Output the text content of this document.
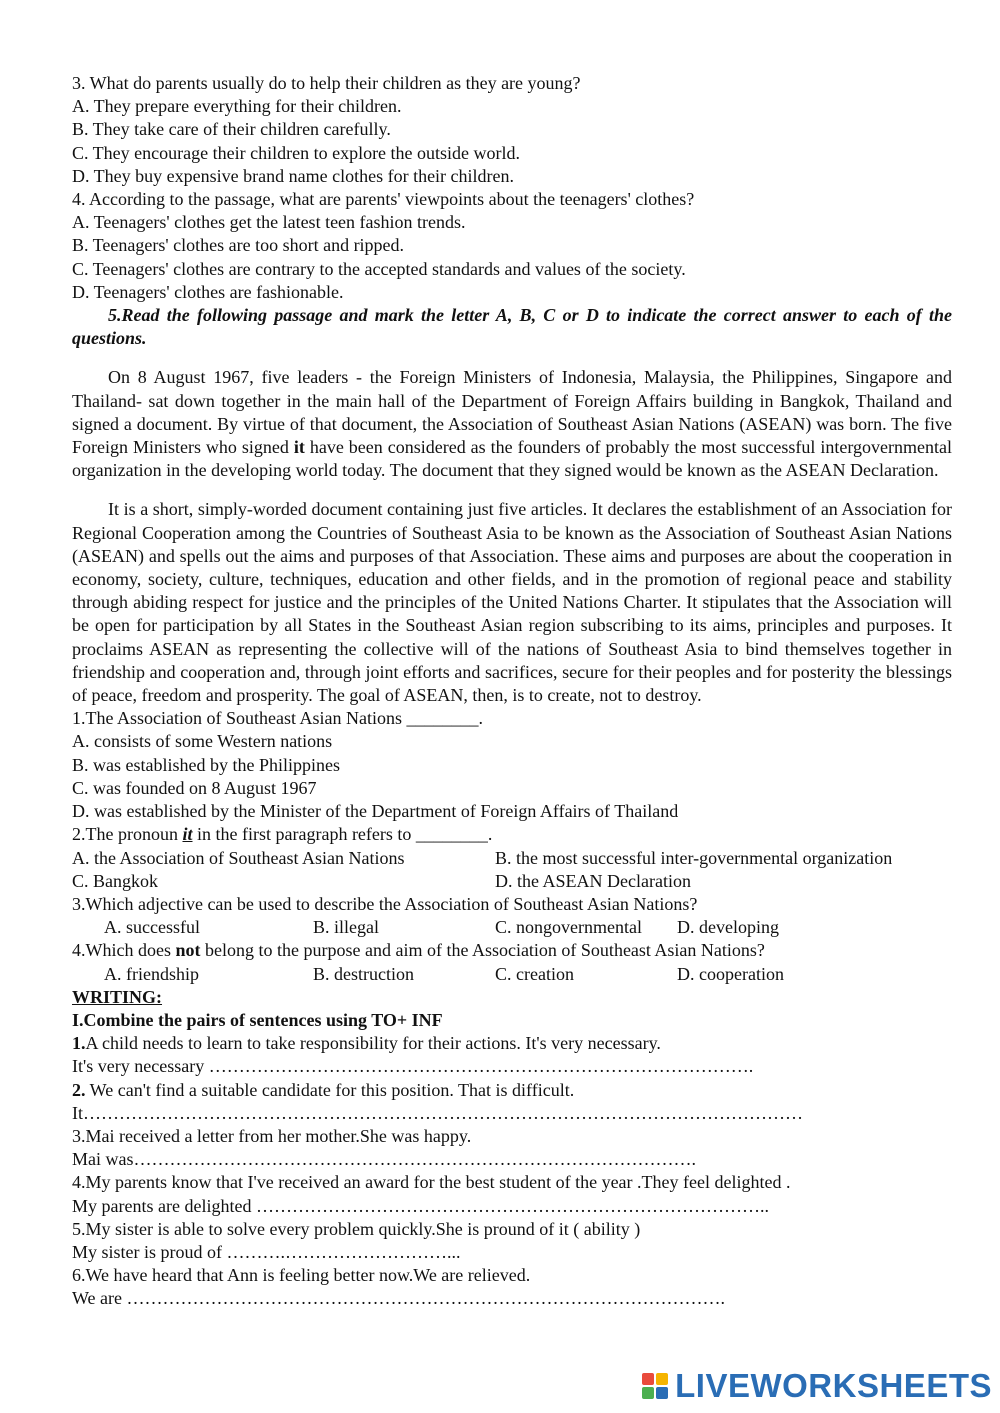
3. What do parents usually do to help their children as they are young?
A. They prepare everything for their children.
B. They take care of their children carefully.
C. They encourage their children to explore the outside world.
D. They buy expensive brand name clothes for their children.
4. According to the passage, what are parents' viewpoints about the teenagers' clothes?
A. Teenagers' clothes get the latest teen fashion trends.
B. Teenagers' clothes are too short and ripped.
C. Teenagers' clothes are contrary to the accepted standards and values of the society.
D. Teenagers' clothes are fashionable.

5.Read the following passage and mark the letter A, B, C or D to indicate the correct answer to each of the questions.

On 8 August 1967, five leaders - the Foreign Ministers of Indonesia, Malaysia, the Philippines, Singapore and Thailand- sat down together in the main hall of the Department of Foreign Affairs building in Bangkok, Thailand and signed a document. By virtue of that document, the Association of Southeast Asian Nations (ASEAN) was born. The five Foreign Ministers who signed it have been considered as the founders of probably the most successful intergovernmental organization in the developing world today. The document that they signed would be known as the ASEAN Declaration.

It is a short, simply-worded document containing just five articles. It declares the establishment of an Association for Regional Cooperation among the Countries of Southeast Asia to be known as the Association of Southeast Asian Nations (ASEAN) and spells out the aims and purposes of that Association. These aims and purposes are about the cooperation in economy, society, culture, techniques, education and other fields, and in the promotion of regional peace and stability through abiding respect for justice and the principles of the United Nations Charter. It stipulates that the Association will be open for participation by all States in the Southeast Asian region subscribing to its aims, principles and purposes. It proclaims ASEAN as representing the collective will of the nations of Southeast Asia to bind themselves together in friendship and cooperation and, through joint efforts and sacrifices, secure for their peoples and for posterity the blessings of peace, freedom and prosperity. The goal of ASEAN, then, is to create, not to destroy.

1.The Association of Southeast Asian Nations ________.
A. consists of some Western nations
B. was established by the Philippines
C. was founded on 8 August 1967
D. was established by the Minister of the Department of Foreign Affairs of Thailand
2.The pronoun it in the first paragraph refers to ________.
A. the Association of Southeast Asian Nations	B. the most successful inter-governmental organization
C. Bangkok	D. the ASEAN Declaration
3.Which adjective can be used to describe the Association of Southeast Asian Nations?
A. successful	B. illegal	C. nongovernmental	D. developing
4.Which does not belong to the purpose and aim of the Association of Southeast Asian Nations?
A. friendship	B. destruction	C. creation	D. cooperation
WRITING:
I.Combine the pairs of sentences using TO+ INF
1.A child needs to learn to take responsibility for their actions. It's very necessary.
It's very necessary ……………………………………………………………………………….
2. We can't find a suitable candidate for this position. That is difficult.
It…………………………………………………………………………………………………………
3.Mai received a letter from her mother.She was happy.
Mai was………………………………………………………………………………….
4.My parents know that I've received an award for the best student of the year .They feel delighted .
My parents are delighted …………………………………………………………………………..
5.My sister is able to solve every problem quickly.She is pround of it ( ability )
My sister is proud of ……….………………………...
6.We have heard that Ann is feeling better now.We are relieved.
We are ……………………………………………………………………………………….
LIVEWORKSHEETS
